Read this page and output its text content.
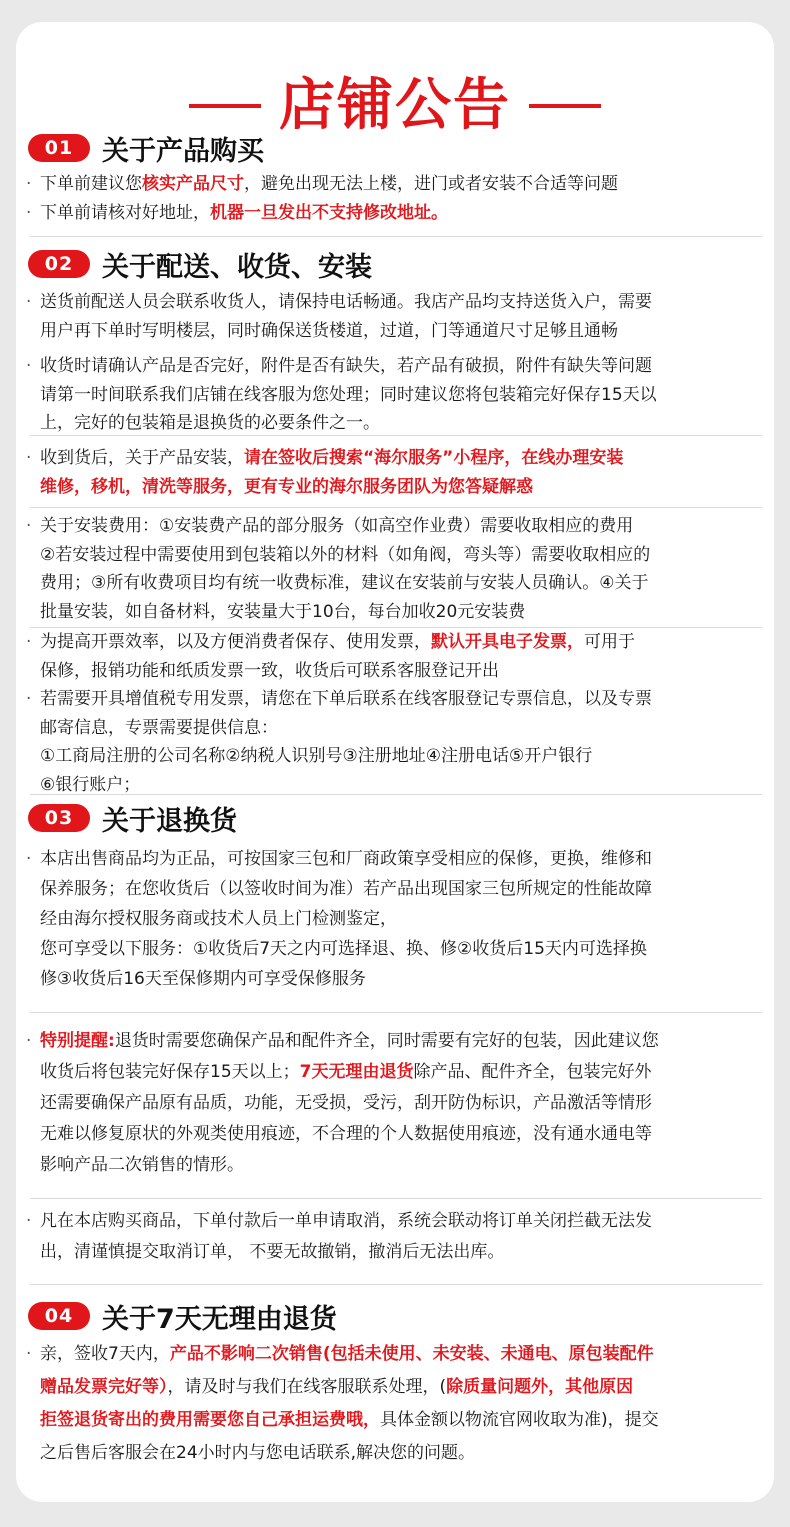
店铺公告
01	关于产品购买

· 下单前建议您核实产品尺寸，避免出现无法上楼，进门或者安装不合适等问题

· 下单前请核对好地址，机器一旦发出不支持修改地址。

02	关于配送、收货、安装

· 送货前配送人员会联系收货人，请保持电话畅通。我店产品均支持送货入户，需要

用户再下单时写明楼层，同时确保送货楼道，过道，门等通道尺寸足够且通畅

· 收货时请确认产品是否完好，附件是否有缺失，若产品有破损，附件有缺失等问题

请第一时间联系我们店铺在线客服为您处理；同时建议您将包装箱完好保存15天以

上，完好的包装箱是退换货的必要条件之一。

· 收到货后，关于产品安装，请在签收后搜索“海尔服务”小程序，在线办理安装

维修，移机，清洗等服务，更有专业的海尔服务团队为您答疑解惑

· 关于安装费用：①安装费产品的部分服务（如高空作业费）需要收取相应的费用

②若安装过程中需要使用到包装箱以外的材料（如角阀，弯头等）需要收取相应的

费用；③所有收费项目均有统一收费标准，建议在安装前与安装人员确认。④关于

批量安装，如自备材料，安装量大于10台，每台加收20元安装费

· 为提高开票效率，以及方便消费者保存、使用发票，默认开具电子发票，可用于

保修，报销功能和纸质发票一致，收货后可联系客服登记开出

· 若需要开具增值税专用发票，请您在下单后联系在线客服登记专票信息，以及专票

邮寄信息，专票需要提供信息：

①工商局注册的公司名称②纳税人识别号③注册地址④注册电话⑤开户银行

⑥银行账户；

03	关于退换货

· 本店出售商品均为正品，可按国家三包和厂商政策享受相应的保修，更换，维修和

保养服务；在您收货后（以签收时间为准）若产品出现国家三包所规定的性能故障

经由海尔授权服务商或技术人员上门检测鉴定，

您可享受以下服务：①收货后7天之内可选择退、换、修②收货后15天内可选择换

修③收货后16天至保修期内可享受保修服务

· 特别提醒:退货时需要您确保产品和配件齐全，同时需要有完好的包装，因此建议您

收货后将包装完好保存15天以上；7天无理由退货除产品、配件齐全，包装完好外

还需要确保产品原有品质，功能，无受损，受污，刮开防伪标识，产品激活等情形

无难以修复原状的外观类使用痕迹，不合理的个人数据使用痕迹，没有通水通电等

影响产品二次销售的情形。

· 凡在本店购买商品，下单付款后一单申请取消，系统会联动将订单关闭拦截无法发

出，清谨慎提交取消订单， 不要无故撤销，撤消后无法出库。

04	关于7天无理由退货

· 亲，签收7天内，产品不影响二次销售(包括未使用、未安装、未通电、原包装配件

赠品发票完好等），请及时与我们在线客服联系处理，(除质量问题外，其他原因

拒签退货寄出的费用需要您自己承担运费哦，具体金额以物流官网收取为准)，提交

之后售后客服会在24小时内与您电话联系,解决您的问题。
